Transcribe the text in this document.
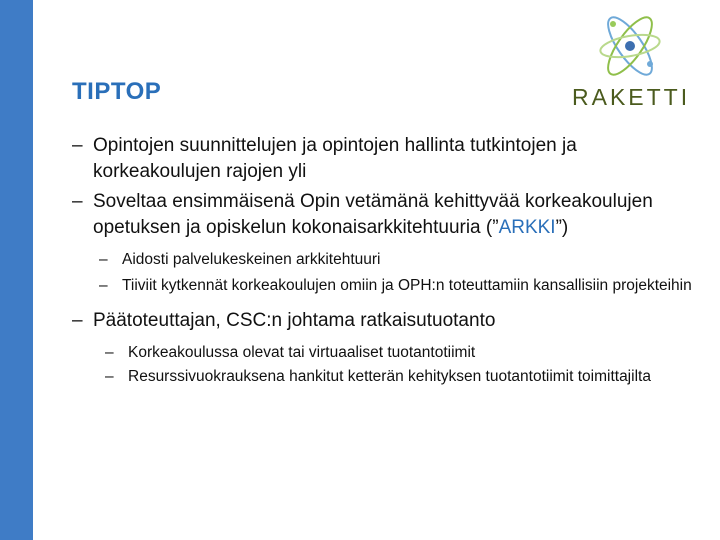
TIPTOP	RAKETTI
– Opintojen suunnittelujen ja opintojen hallinta tutkintojen ja korkeakoulujen rajojen yli
– Soveltaa ensimmäisenä Opin vetämänä kehittyvää korkeakoulujen opetuksen ja opiskelun kokonaisarkkitehtuuria (”ARKKI”)
– Aidosti palvelukeskeinen arkkitehtuuri
– Tiiviit kytkennät korkeakoulujen omiin ja OPH:n toteuttamiin kansallisiin projekteihin
– Päätoteuttajan, CSC:n johtama ratkaisutuotanto
– Korkeakoulussa olevat tai virtuaaliset tuotantotiimit
– Resurssivuokrauksena hankitut ketterän kehityksen tuotantotiimit toimittajilta
